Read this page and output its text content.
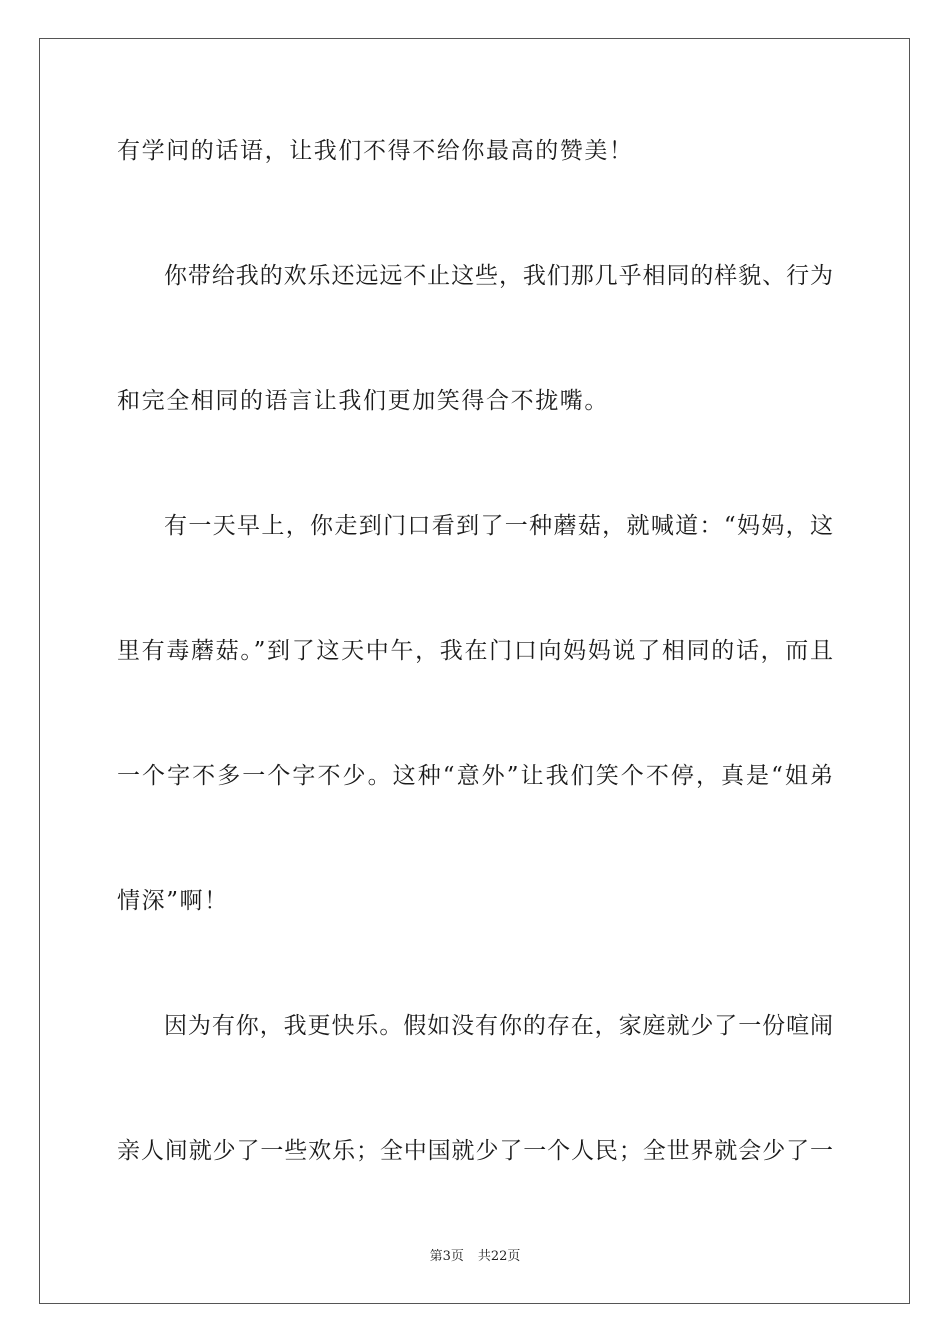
有学问的话语，让我们不得不给你最高的赞美！
你带给我的欢乐还远远不止这些，我们那几乎相同的样貌、行为
和完全相同的语言让我们更加笑得合不拢嘴。
有一天早上，你走到门口看到了一种蘑菇，就喊道：“妈妈，这
里有毒蘑菇。”到了这天中午，我在门口向妈妈说了相同的话，而且
一个字不多一个字不少。这种“意外”让我们笑个不停，真是“姐弟
情深”啊！
因为有你，我更快乐。假如没有你的存在，家庭就少了一份喧闹
亲人间就少了一些欢乐；全中国就少了一个人民；全世界就会少了一
第3页 共22页
